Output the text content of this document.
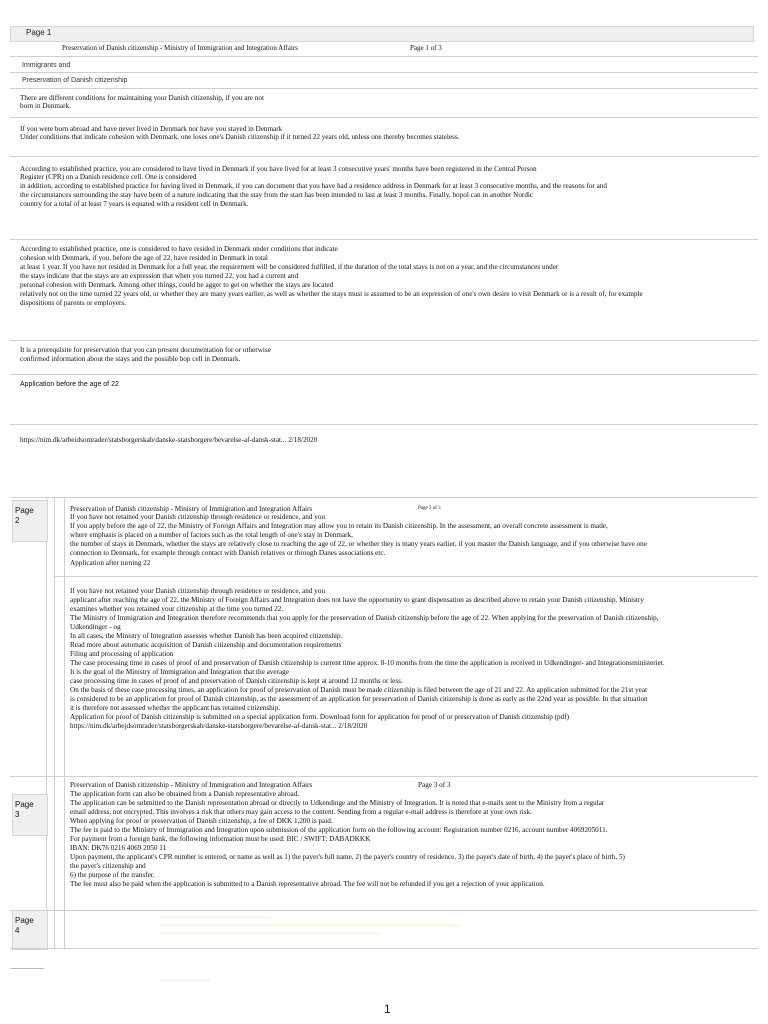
Page 1
Preservation of Danish citizenship - Ministry of Immigration and Integration Affairs	Page 1 of 3
Immigrants and
Preservation of Danish citizenship
There are different conditions for maintaining your Danish citizenship, if you are not
born in Denmark.
If you were born abroad and have never lived in Denmark nor have you stayed in Denmark
Under conditions that indicate cohesion with Denmark, one loses one's Danish citizenship if it turned 22 years old, unless one thereby becomes stateless.
According to established practice, you are considered to have lived in Denmark if you have lived for at least 3 consecutive years' months have been registered in the Central Person
Register (CPR) on a Danish residence cell. One is considered
in addition, according to established practice for having lived in Denmark, if you can document that you have had a residence address in Denmark for at least 3 consecutive months, and the reasons for and
the circumstances surrounding the stay have been of a nature indicating that the stay from the start has been intended to last at least 3 months. Finally, bopol can in another Nordic
country for a total of at least 7 years is equated with a resident cell in Denmark.
According to established practice, one is considered to have resided in Denmark under conditions that indicate
cohesion with Denmark, if you, before the age of 22, have resided in Denmark in total
at least 1 year. If you have not resided in Denmark for a full year, the requirement will be considered fulfilled, if the duration of the total stays is not on a year, and the circumstances under
the stays indicate that the stays are an expression that when you turned 22, you had a current and
personal cohesion with Denmark. Among other things, could be agger to get on whether the stays are located
relatively not on the time turned 22 years old, or whether they are many years earlier, as well as whether the stays must is assumed to be an expression of one's own desire to visit Denmark or is a result of, for example
dispositions of parents or employers.
It is a prerequisite for preservation that you can present documentation for or otherwise
confirmed information about the stays and the possible bop cell in Denmark.
Application before the age of 22
https://nim.dk/arbeidsomrader/statsborgerskab/danske-statsborgere/bevarelse-af-dansk-stat... 2/18/2020
Page 2
Preservation of Danish citizenship - Ministry of Immigration and Integration Affairs	Page 2 of 3
If you have not retained your Danish citizenship through residence or residence, and you
If you apply before the age of 22, the Ministry of Foreign Affairs and Integration may allow you to retain its Danish citizenship. In the assessment, an overall concrete assessment is made,
where emphasis is placed on a number of factors such as the total length of one's stay in Denmark,
the number of stays in Denmark, whether the stays are relatively close to reaching the age of 22, or whether they is many years earlier, if you master the Danish language, and if you otherwise have one
connection to Denmark, for example through contact with Danish relatives or through Danes associations etc.
Application after turning 22
If you have not retained your Danish citizenship through residence or residence, and you
applicant after reaching the age of 22, the Ministry of Foreign Affairs and Integration does not have the opportunity to grant dispensation as described above to retain your Danish citizenship. Ministry
examines whether you retained your citizenship at the time you turned 22.
The Ministry of Immigration and Integration therefore recommends that you apply for the preservation of Danish citizenship before the age of 22. When applying for the preservation of Danish citizenship,
Udkendinger - og
In all cases, the Ministry of Integration assesses whether Danish has been acquired citizenship.
Read more about automatic acquisition of Danish citizenship and documentation requirements
Filing and processing of application
The case processing time in cases of proof of and preservation of Danish citizenship is current time approx. 8-10 months from the time the application is received in Udkendinger- and Integrationsministeriet.
It is the goal of the Ministry of Immigration and Integration that the average
case processing time in cases of proof of and preservation of Danish citizenship is kept at around 12 months or less.
On the basis of these case processing times, an application for proof of preservation of Danish must be made citizenship is filed between the age of 21 and 22. An application submitted for the 21st year
is considered to be an application for proof of Danish citizenship, as the assessment of an application for preservation of Danish citizenship is done as early as the 22nd year as possible. In that situation
it is therefore not assessed whether the applicant has retained citizenship.
Application for proof of Danish citizenship is submitted on a special application form. Download form for application for proof of or preservation of Danish citizenship (pdf)
https://nim.dk/arbejdsomrader/statsborgerskab/danske-statsborgere/bevarelse-af-dansk-stat... 2/18/2020
Page 3
Preservation of Danish citizenship - Ministry of Immigration and Integration Affairs	Page 3 of 3
The application form can also be obtained from a Danish representative abroad.
The application can be submitted to the Danish representation abroad or directly to Udkendinge and the Ministry of Integration. It is noted that e-mails sent to the Ministry from a regular
email address, not encrypted. This involves a risk that others may gain access to the content. Sending from a regular e-mail address is therefore at your own risk.
When applying for proof or preservation of Danish citizenship, a fee of DKK 1,200 is paid.
The fee is paid to the Ministry of Immigration and Integration upon submission of the application form on the following account: Registration number 0216, account number 4069205011.
For payment from a foreign bank, the following information must be used: BIC / SWIFT: DABADKKK
IBAN: DK76 0216 4069 2050 11
Upon payment, the applicant's CPR number is entered, or name as well as 1) the payer's full name, 2) the payer's country of residence, 3) the payer's date of birth, 4) the payer's place of birth, 5)
the payer's citizenship and
6) the purpose of the transfer.
The fee must also be paid when the application is submitted to a Danish representative abroad. The fee will not be refunded if you get a rejection of your application.
Page 4
1
